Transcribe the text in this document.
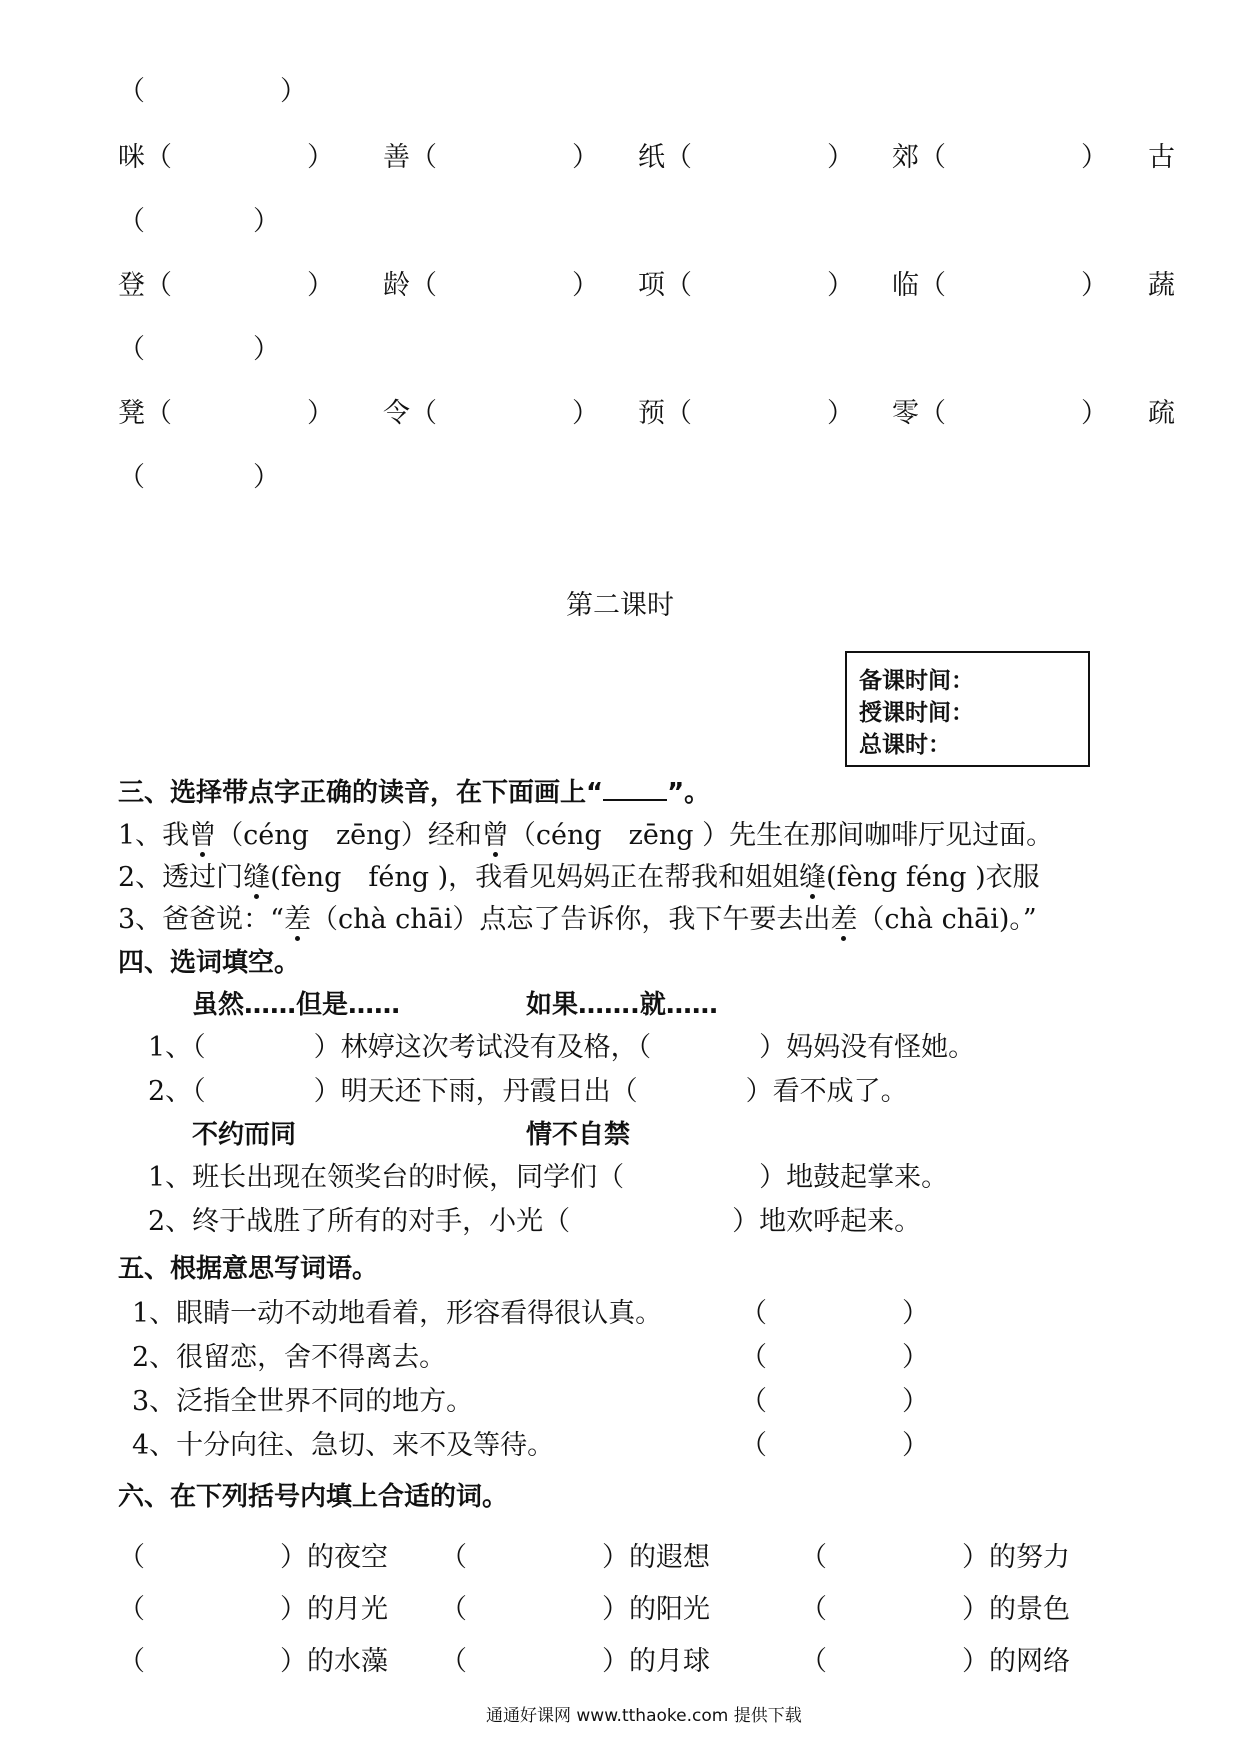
（　　　　　）
咪（　　　　　） 善（　　　　　） 纸（　　　　　） 郊（　　　　　） 古
（　　　　）
登（　　　　　） 龄（　　　　　） 项（　　　　　） 临（　　　　　） 蔬
（　　　　）
凳（　　　　　） 令（　　　　　） 预（　　　　　） 零（　　　　　） 疏
（　　　　）
第二课时
备课时间：
授课时间：
总课时：
三、选择带点字正确的读音，在下面画上“ ”。
1、我曾（céng　zēng）经和曾（céng　zēng ）先生在那间咖啡厅见过面。
2、透过门缝(fèng　féng )，我看见妈妈正在帮我和姐姐缝(fèng féng )衣服
3、爸爸说：“差（chà chāi）点忘了告诉你，我下午要去出差（chà chāi)。”
四、选词填空。
虽然……但是……	如果…….就……
1、（　　　　）林婷这次考试没有及格，（　　　　）妈妈没有怪她。
2、（　　　　）明天还下雨，丹霞日出（　　　　）看不成了。
不约而同	情不自禁
1、班长出现在领奖台的时候，同学们（　　　　　）地鼓起掌来。
2、终于战胜了所有的对手，小光（　　　　　　）地欢呼起来。
五、根据意思写词语。
1、眼睛一动不动地看着，形容看得很认真。	（　　　　　）
2、很留恋，舍不得离去。	（　　　　　）
3、泛指全世界不同的地方。	（　　　　　）
4、十分向往、急切、来不及等待。	（　　　　　）
六、在下列括号内填上合适的词。
（　　　　　）的夜空 （　　　　　）的遐想	（　　　　　）的努力
（　　　　　）的月光 （　　　　　）的阳光	（　　　　　）的景色
（　　　　　）的水藻 （　　　　　）的月球	（　　　　　）的网络
通通好课网 www.tthaoke.com 提供下载
